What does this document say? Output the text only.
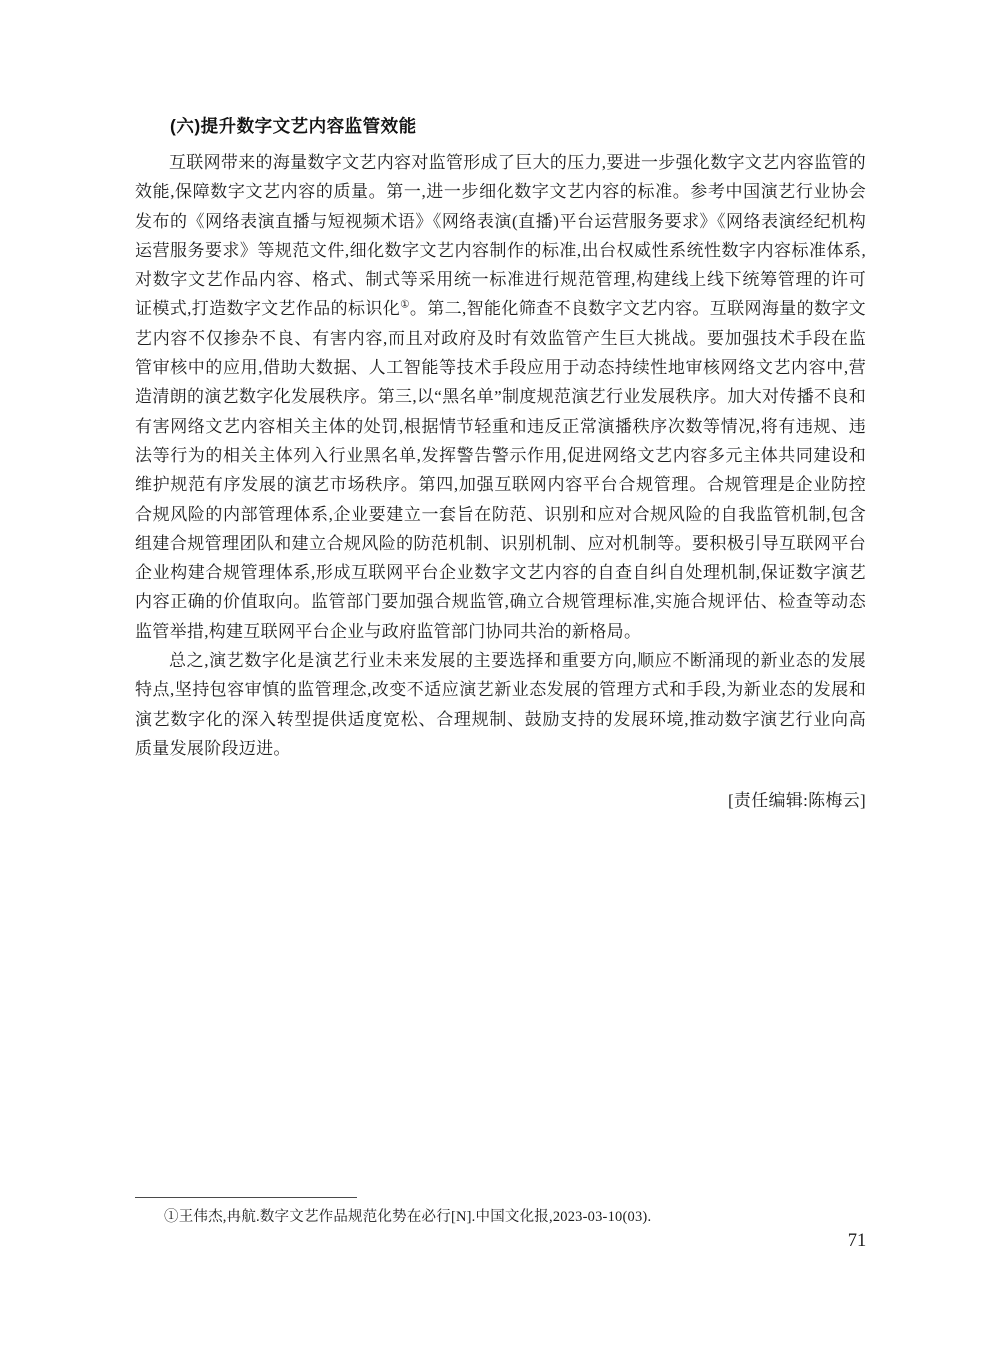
(六)提升数字文艺内容监管效能

互联网带来的海量数字文艺内容对监管形成了巨大的压力,要进一步强化数字文艺内容监管的效能,保障数字文艺内容的质量。第一,进一步细化数字文艺内容的标准。参考中国演艺行业协会发布的《网络表演直播与短视频术语》《网络表演(直播)平台运营服务要求》《网络表演经纪机构运营服务要求》等规范文件,细化数字文艺内容制作的标准,出台权威性系统性数字内容标准体系,对数字文艺作品内容、格式、制式等采用统一标准进行规范管理,构建线上线下统筹管理的许可证模式,打造数字文艺作品的标识化①。第二,智能化筛查不良数字文艺内容。互联网海量的数字文艺内容不仅掺杂不良、有害内容,而且对政府及时有效监管产生巨大挑战。要加强技术手段在监管审核中的应用,借助大数据、人工智能等技术手段应用于动态持续性地审核网络文艺内容中,营造清朗的演艺数字化发展秩序。第三,以“黑名单”制度规范演艺行业发展秩序。加大对传播不良和有害网络文艺内容相关主体的处罚,根据情节轻重和违反正常演播秩序次数等情况,将有违规、违法等行为的相关主体列入行业黑名单,发挥警告警示作用,促进网络文艺内容多元主体共同建设和维护规范有序发展的演艺市场秩序。第四,加强互联网内容平台合规管理。合规管理是企业防控合规风险的内部管理体系,企业要建立一套旨在防范、识别和应对合规风险的自我监管机制,包含组建合规管理团队和建立合规风险的防范机制、识别机制、应对机制等。要积极引导互联网平台企业构建合规管理体系,形成互联网平台企业数字文艺内容的自查自纠自处理机制,保证数字演艺内容正确的价值取向。监管部门要加强合规监管,确立合规管理标准,实施合规评估、检查等动态监管举措,构建互联网平台企业与政府监管部门协同共治的新格局。

总之,演艺数字化是演艺行业未来发展的主要选择和重要方向,顺应不断涌现的新业态的发展特点,坚持包容审慎的监管理念,改变不适应演艺新业态发展的管理方式和手段,为新业态的发展和演艺数字化的深入转型提供适度宽松、合理规制、鼓励支持的发展环境,推动数字演艺行业向高质量发展阶段迈进。

[责任编辑:陈梅云]

①王伟杰,冉航.数字文艺作品规范化势在必行[N].中国文化报,2023-03-10(03).

71
